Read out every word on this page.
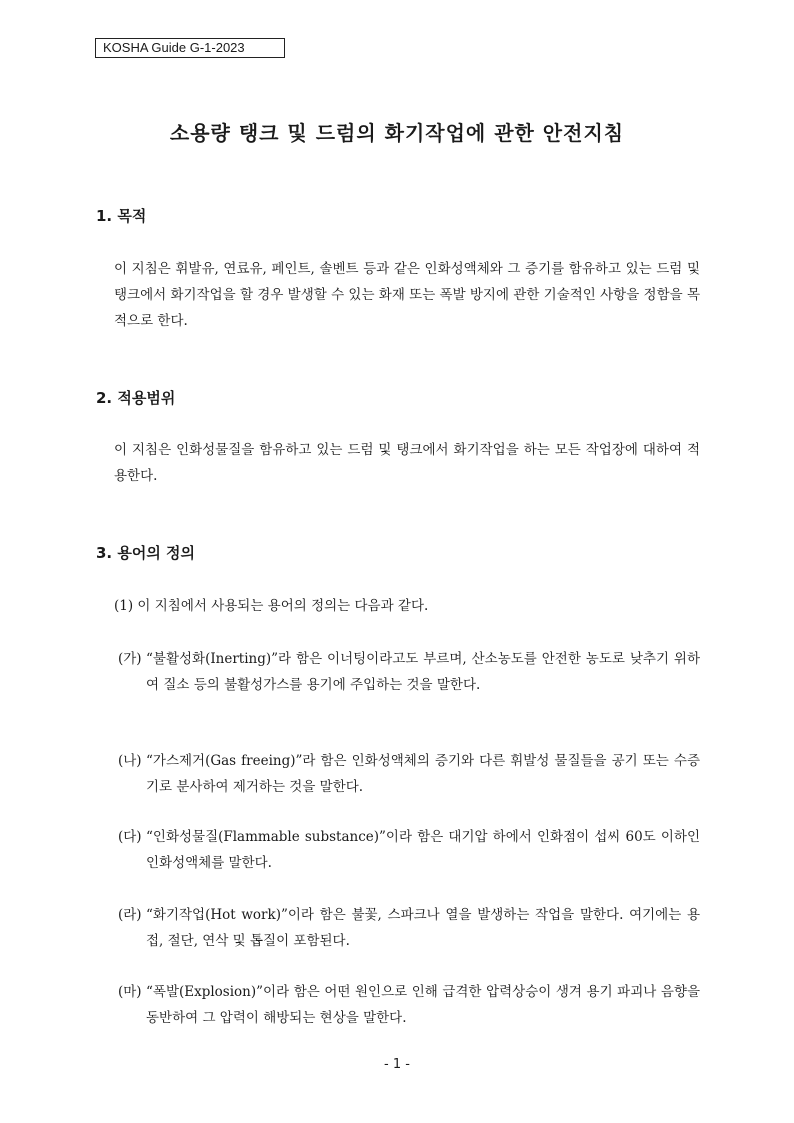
KOSHA Guide G-1-2023
소용량 탱크 및 드럼의 화기작업에 관한 안전지침
1. 목적

이 지침은 휘발유, 연료유, 페인트, 솔벤트 등과 같은 인화성액체와 그 증기를 함유하고 있는 드럼 및 탱크에서 화기작업을 할 경우 발생할 수 있는 화재 또는 폭발 방지에 관한 기술적인 사항을 정함을 목적으로 한다.

2. 적용범위

이 지침은 인화성물질을 함유하고 있는 드럼 및 탱크에서 화기작업을 하는 모든 작업장에 대하여 적용한다.

3. 용어의 정의

(1) 이 지침에서 사용되는 용어의 정의는 다음과 같다.

(가) “불활성화(Inerting)”라 함은 이너팅이라고도 부르며, 산소농도를 안전한 농도로 낮추기 위하여 질소 등의 불활성가스를 용기에 주입하는 것을 말한다.
(나) “가스제거(Gas freeing)”라 함은 인화성액체의 증기와 다른 휘발성 물질들을 공기 또는 수증기로 분사하여 제거하는 것을 말한다.
(다) “인화성물질(Flammable substance)”이라 함은 대기압 하에서 인화점이 섭씨 60도 이하인 인화성액체를 말한다.
(라) “화기작업(Hot work)”이라 함은 불꽃, 스파크나 열을 발생하는 작업을 말한다. 여기에는 용접, 절단, 연삭 및 톱질이 포함된다.
(마) “폭발(Explosion)”이라 함은 어떤 원인으로 인해 급격한 압력상승이 생겨 용기 파괴나 음향을 동반하여 그 압력이 해방되는 현상을 말한다.
- 1 -
